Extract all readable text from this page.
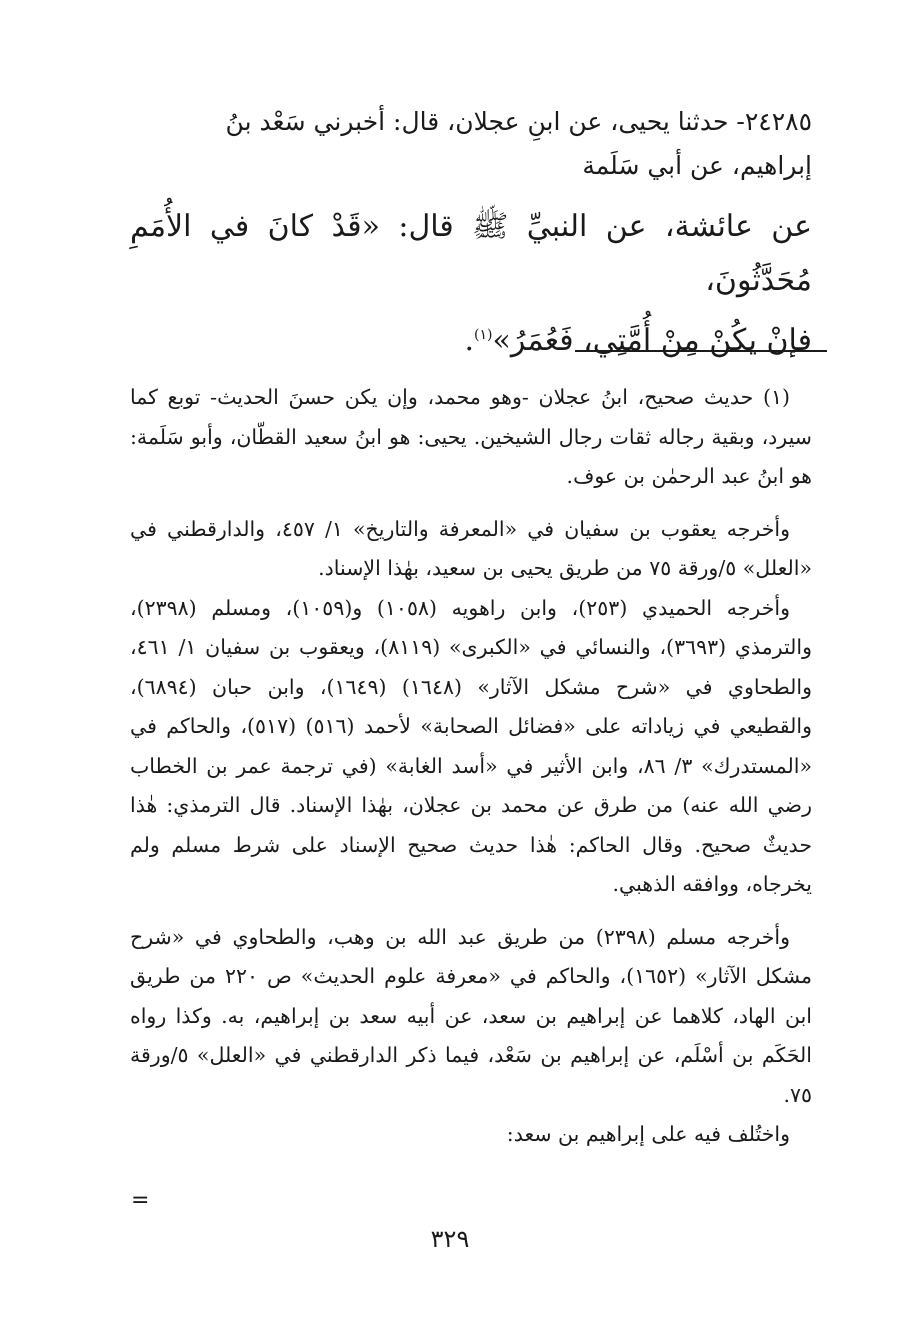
٢٤٢٨٥- حدثنا يحيى، عن ابنِ عجلان، قال: أخبرني سَعْد بنُ

إبراهيم، عن أبي سَلَمة

عن عائشة، عن النبيِّ ﷺ قال: «قَدْ كانَ في الأُمَمِ مُحَدَّثُونَ،

فإنْ يكُنْ مِنْ أُمَّتِي، فَعُمَرُ»$^{(١)}$.

(١) حديث صحيح، ابنُ عجلان -وهو محمد، وإن يكن حسنَ الحديث- توبع كما سيرد، وبقية رجاله ثقات رجال الشيخين. يحيى: هو ابنُ سعيد القطّان، وأبو سَلَمة: هو ابنُ عبد الرحمٰن بن عوف.

وأخرجه يعقوب بن سفيان في «المعرفة والتاريخ» ١/ ٤٥٧، والدارقطني في «العلل» ٥/ورقة ٧٥ من طريق يحيى بن سعيد، بهٰذا الإسناد.

وأخرجه الحميدي (٢٥٣)، وابن راهويه (١٠٥٨) و(١٠٥٩)، ومسلم (٢٣٩٨)، والترمذي (٣٦٩٣)، والنسائي في «الكبرى» (٨١١٩)، ويعقوب بن سفيان ١/ ٤٦١، والطحاوي في «شرح مشكل الآثار» (١٦٤٨) (١٦٤٩)، وابن حبان (٦٨٩٤)، والقطيعي في زياداته على «فضائل الصحابة» لأحمد (٥١٦) (٥١٧)، والحاكم في «المستدرك» ٣/ ٨٦، وابن الأثير في «أسد الغابة» (في ترجمة عمر بن الخطاب رضي الله عنه) من طرق عن محمد بن عجلان، بهٰذا الإسناد. قال الترمذي: هٰذا حديثٌ صحيح. وقال الحاكم: هٰذا حديث صحيح الإسناد على شرط مسلم ولم يخرجاه، ووافقه الذهبي.

وأخرجه مسلم (٢٣٩٨) من طريق عبد الله بن وهب، والطحاوي في «شرح مشكل الآثار» (١٦٥٢)، والحاكم في «معرفة علوم الحديث» ص ٢٢٠ من طريق ابن الهاد، كلاهما عن إبراهيم بن سعد، عن أبيه سعد بن إبراهيم، به. وكذا رواه الحَكَم بن أسْلَم، عن إبراهيم بن سَعْد، فيما ذكر الدارقطني في «العلل» ٥/ورقة ٧٥.

واختُلف فيه على إبراهيم بن سعد:

=
٣٢٩
